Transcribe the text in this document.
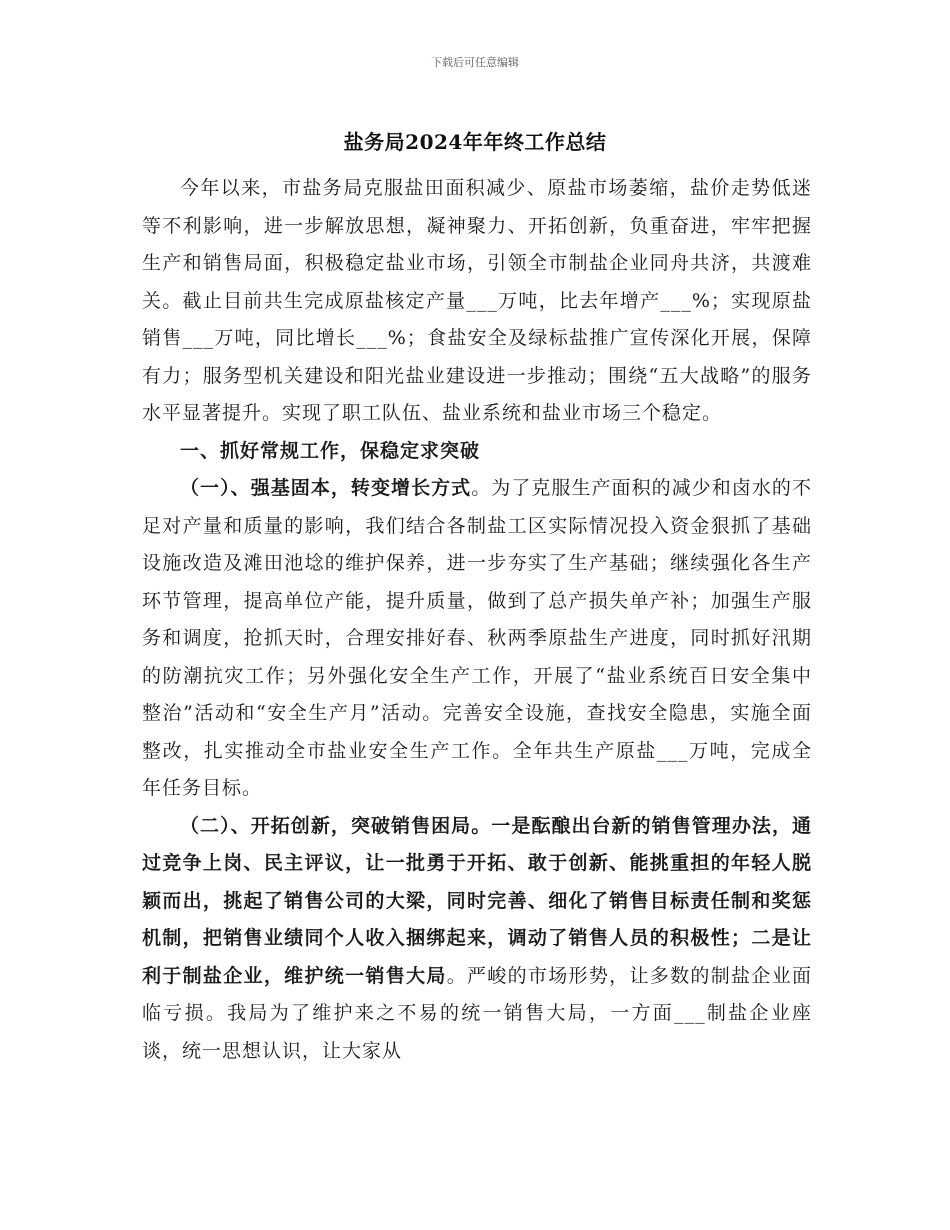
下载后可任意编辑
盐务局2024年年终工作总结

今年以来，市盐务局克服盐田面积减少、原盐市场萎缩，盐价走势低迷等不利影响，进一步解放思想，凝神聚力、开拓创新，负重奋进，牢牢把握生产和销售局面，积极稳定盐业市场，引领全市制盐企业同舟共济，共渡难关。截止目前共生完成原盐核定产量___万吨，比去年增产___%；实现原盐销售___万吨，同比增长___%；食盐安全及绿标盐推广宣传深化开展，保障有力；服务型机关建设和阳光盐业建设进一步推动；围绕“五大战略”的服务水平显著提升。实现了职工队伍、盐业系统和盐业市场三个稳定。

一、抓好常规工作，保稳定求突破

（一）、强基固本，转变增长方式。为了克服生产面积的减少和卤水的不足对产量和质量的影响，我们结合各制盐工区实际情况投入资金狠抓了基础设施改造及滩田池埝的维护保养，进一步夯实了生产基础；继续强化各生产环节管理，提高单位产能，提升质量，做到了总产损失单产补；加强生产服务和调度，抢抓天时，合理安排好春、秋两季原盐生产进度，同时抓好汛期的防潮抗灾工作；另外强化安全生产工作，开展了“盐业系统百日安全集中整治”活动和“安全生产月”活动。完善安全设施，查找安全隐患，实施全面整改，扎实推动全市盐业安全生产工作。全年共生产原盐___万吨，完成全年任务目标。

（二）、开拓创新，突破销售困局。一是酝酿出台新的销售管理办法，通过竞争上岗、民主评议，让一批勇于开拓、敢于创新、能挑重担的年轻人脱颖而出，挑起了销售公司的大梁，同时完善、细化了销售目标责任制和奖惩机制，把销售业绩同个人收入捆绑起来，调动了销售人员的积极性；二是让利于制盐企业，维护统一销售大局。严峻的市场形势，让多数的制盐企业面临亏损。我局为了维护来之不易的统一销售大局，一方面___制盐企业座谈，统一思想认识，让大家从
